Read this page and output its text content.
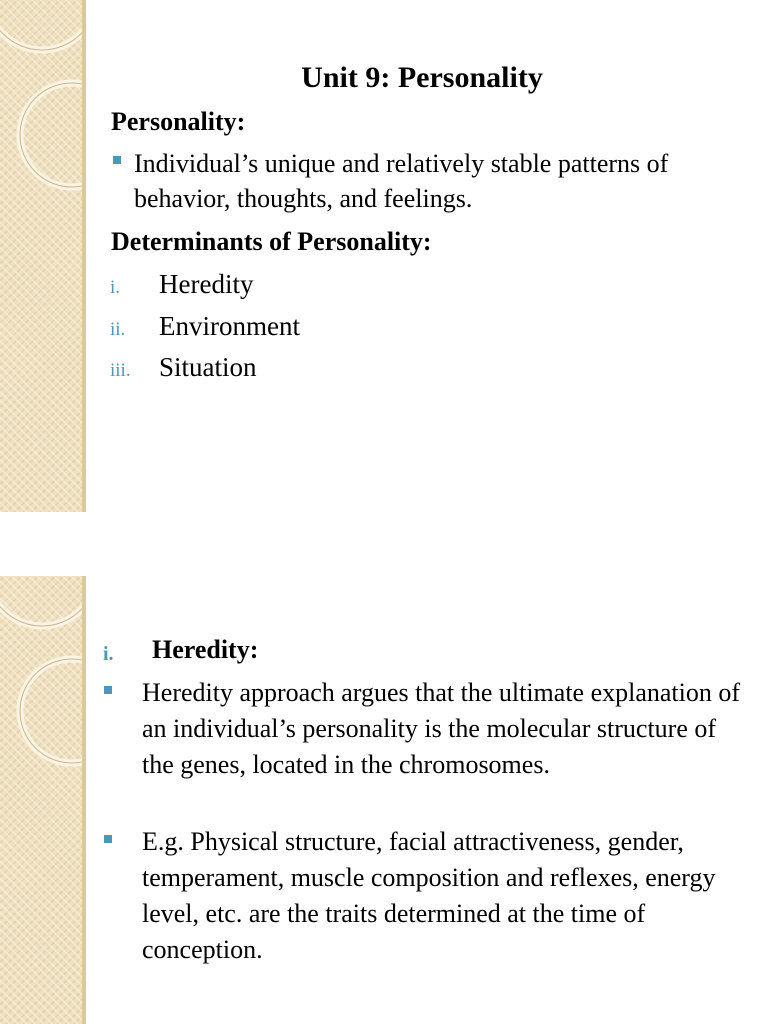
Unit 9: Personality
Personality:
Individual’s unique and relatively stable patterns of behavior, thoughts, and feelings.
Determinants of Personality:
i. Heredity
ii. Environment
iii. Situation
i. Heredity:
Heredity approach argues that the ultimate explanation of an individual’s personality is the molecular structure of the genes, located in the chromosomes.
E.g. Physical structure, facial attractiveness, gender, temperament, muscle composition and reflexes, energy level, etc. are the traits determined at the time of conception.
